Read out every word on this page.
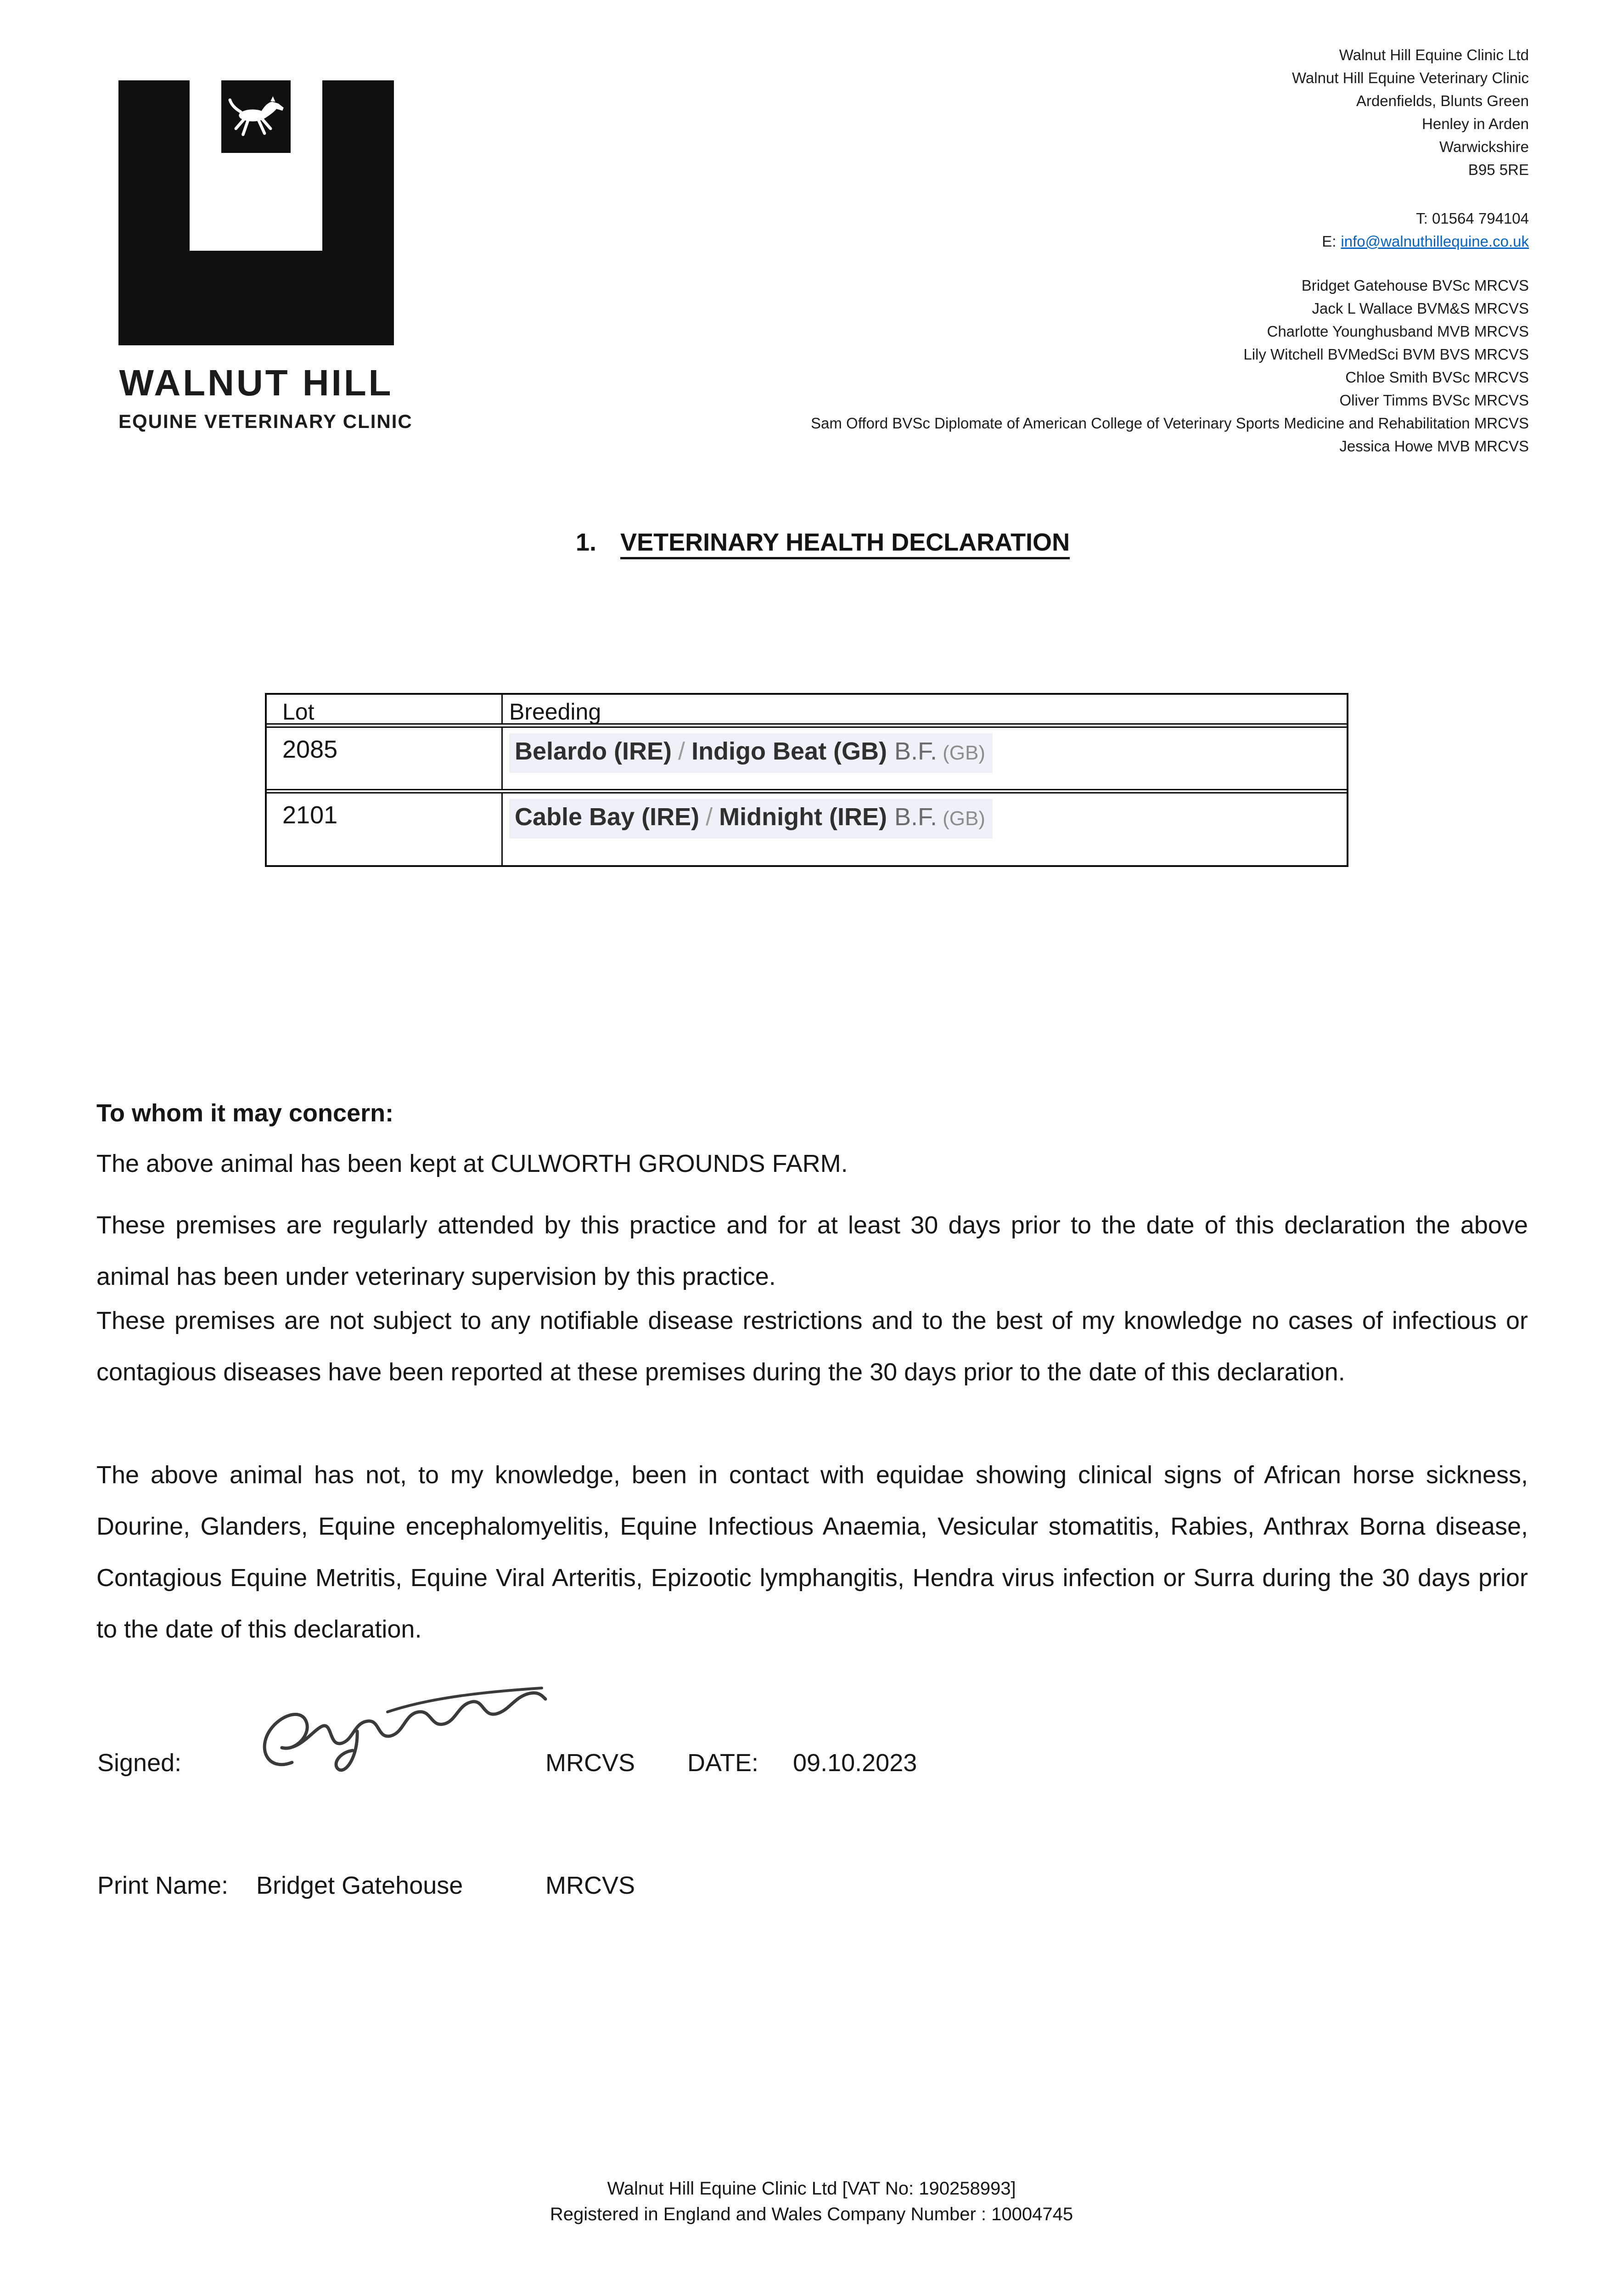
WALNUT HILL
EQUINE VETERINARY CLINIC
Walnut Hill Equine Clinic Ltd
Walnut Hill Equine Veterinary Clinic
Ardenfields, Blunts Green
Henley in Arden
Warwickshire
B95 5RE
T: 01564 794104
E: info@walnuthillequine.co.uk
Bridget Gatehouse BVSc MRCVS
Jack L Wallace BVM&S MRCVS
Charlotte Younghusband MVB MRCVS
Lily Witchell BVMedSci BVM BVS MRCVS
Chloe Smith BVSc MRCVS
Oliver Timms BVSc MRCVS
Sam Offord BVSc Diplomate of American College of Veterinary Sports Medicine and Rehabilitation MRCVS
Jessica Howe MVB MRCVS
1. VETERINARY HEALTH DECLARATION
Lot	Breeding
2085	Belardo (IRE) / Indigo Beat (GB) B.F. (GB)
2101	Cable Bay (IRE) / Midnight (IRE) B.F. (GB)
To whom it may concern:
The above animal has been kept at CULWORTH GROUNDS FARM.
These premises are regularly attended by this practice and for at least 30 days prior to the date of this declaration the above animal has been under veterinary supervision by this practice.
These premises are not subject to any notifiable disease restrictions and to the best of my knowledge no cases of infectious or contagious diseases have been reported at these premises during the 30 days prior to the date of this declaration.
The above animal has not, to my knowledge, been in contact with equidae showing clinical signs of African horse sickness, Dourine, Glanders, Equine encephalomyelitis, Equine Infectious Anaemia, Vesicular stomatitis, Rabies, Anthrax Borna disease, Contagious Equine Metritis, Equine Viral Arteritis, Epizootic lymphangitis, Hendra virus infection or Surra during the 30 days prior to the date of this declaration.
Signed:	MRCVS DATE: 09.10.2023
Print Name: Bridget Gatehouse	MRCVS
Walnut Hill Equine Clinic Ltd [VAT No: 190258993]
Registered in England and Wales Company Number : 10004745
